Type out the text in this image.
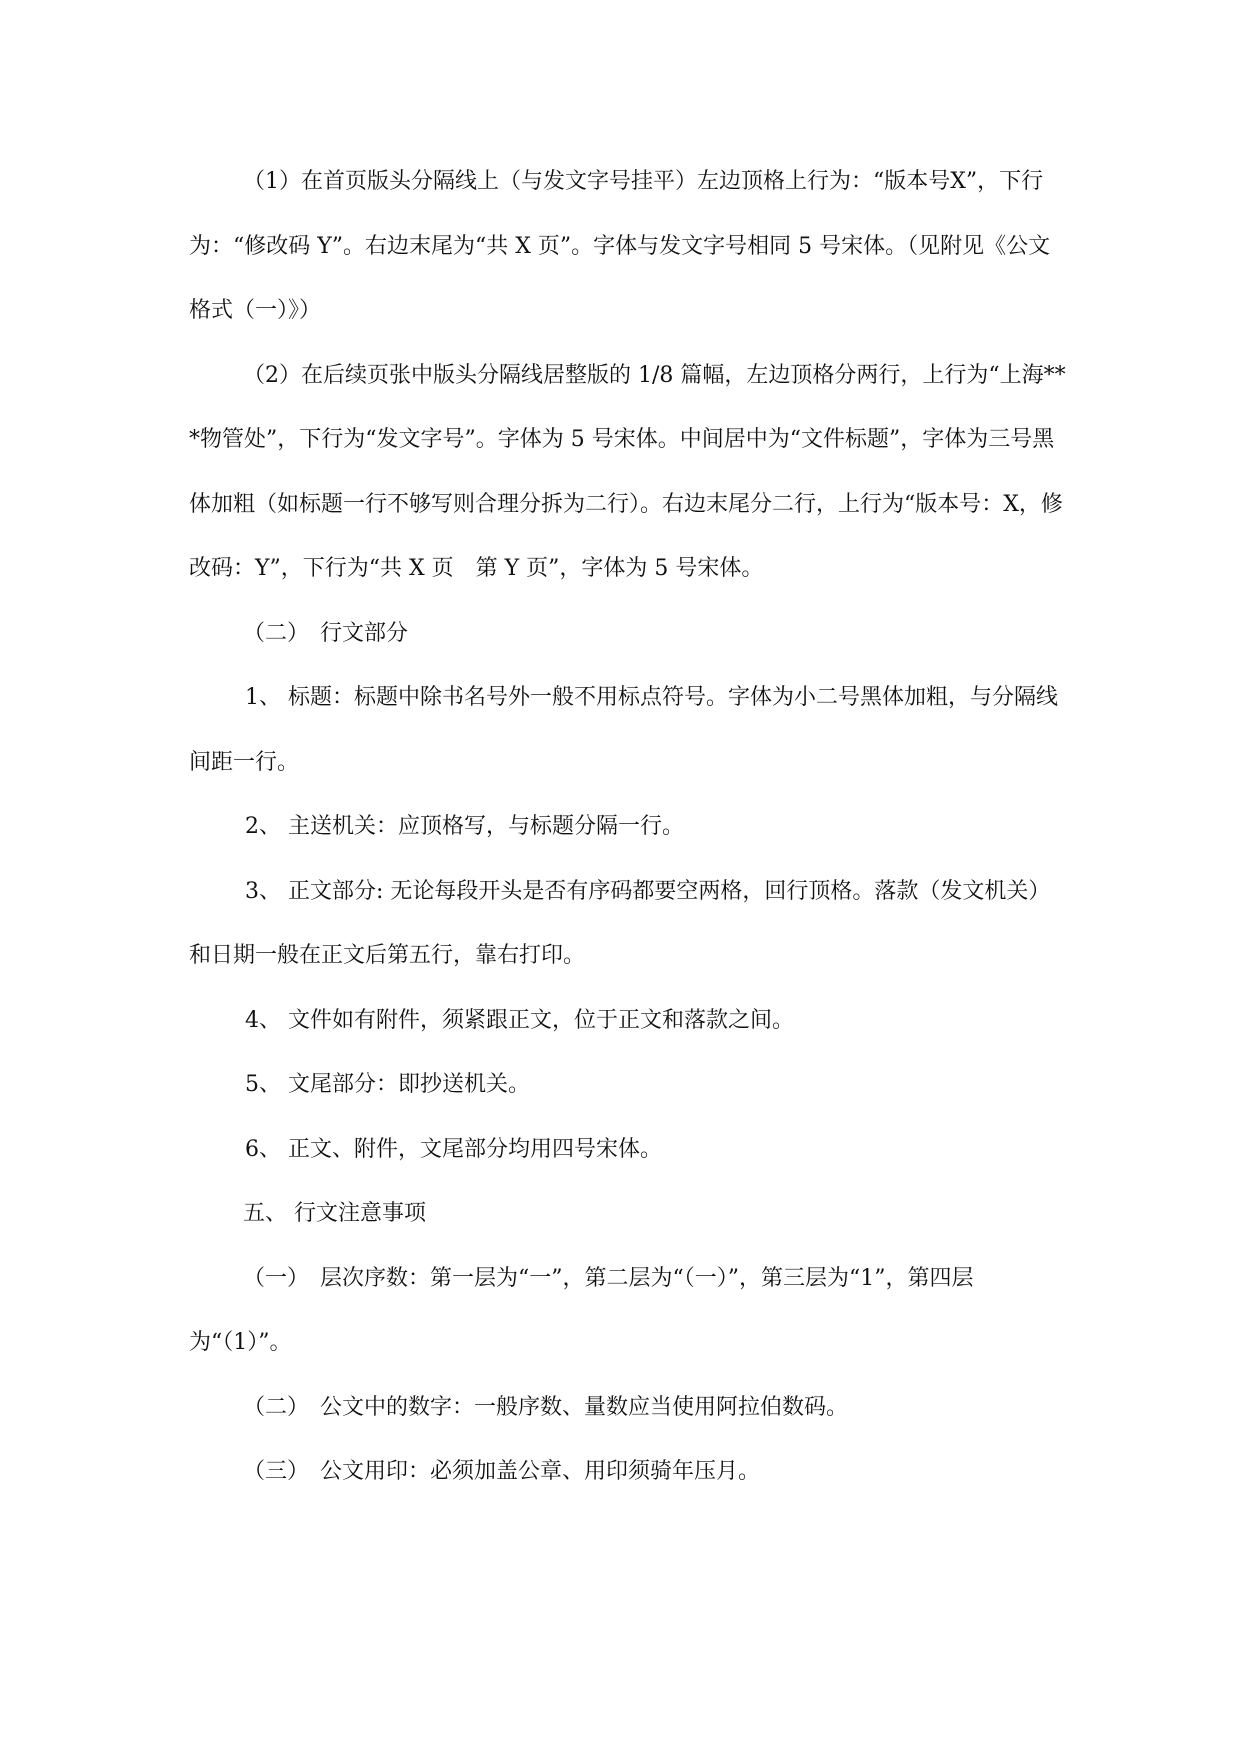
（1）在首页版头分隔线上（与发文字号挂平）左边顶格上行为：“版本号X”，下行为：“修改码 Y”。右边末尾为“共 X 页”。字体与发文字号相同 5 号宋体。（见附见《公文格式（一）》）

（2）在后续页张中版头分隔线居整版的 1/8 篇幅，左边顶格分两行，上行为“上海***物管处”，下行为“发文字号”。字体为 5 号宋体。中间居中为“文件标题”，字体为三号黑体加粗（如标题一行不够写则合理分拆为二行）。右边末尾分二行，上行为“版本号：X，修改码：Y”，下行为“共 X 页　第 Y 页”，字体为 5 号宋体。

（二）　行文部分

1、 标题：标题中除书名号外一般不用标点符号。字体为小二号黑体加粗，与分隔线间距一行。

2、 主送机关：应顶格写，与标题分隔一行。

3、 正文部分: 无论每段开头是否有序码都要空两格，回行顶格。落款（发文机关）和日期一般在正文后第五行，靠右打印。

4、 文件如有附件，须紧跟正文，位于正文和落款之间。

5、 文尾部分：即抄送机关。

6、 正文、附件，文尾部分均用四号宋体。

五、 行文注意事项

（一）　层次序数：第一层为“一”，第二层为“（一）”，第三层为“1”，第四层为“（1）”。

（二）　公文中的数字：一般序数、量数应当使用阿拉伯数码。

（三）　公文用印：必须加盖公章、用印须骑年压月。
